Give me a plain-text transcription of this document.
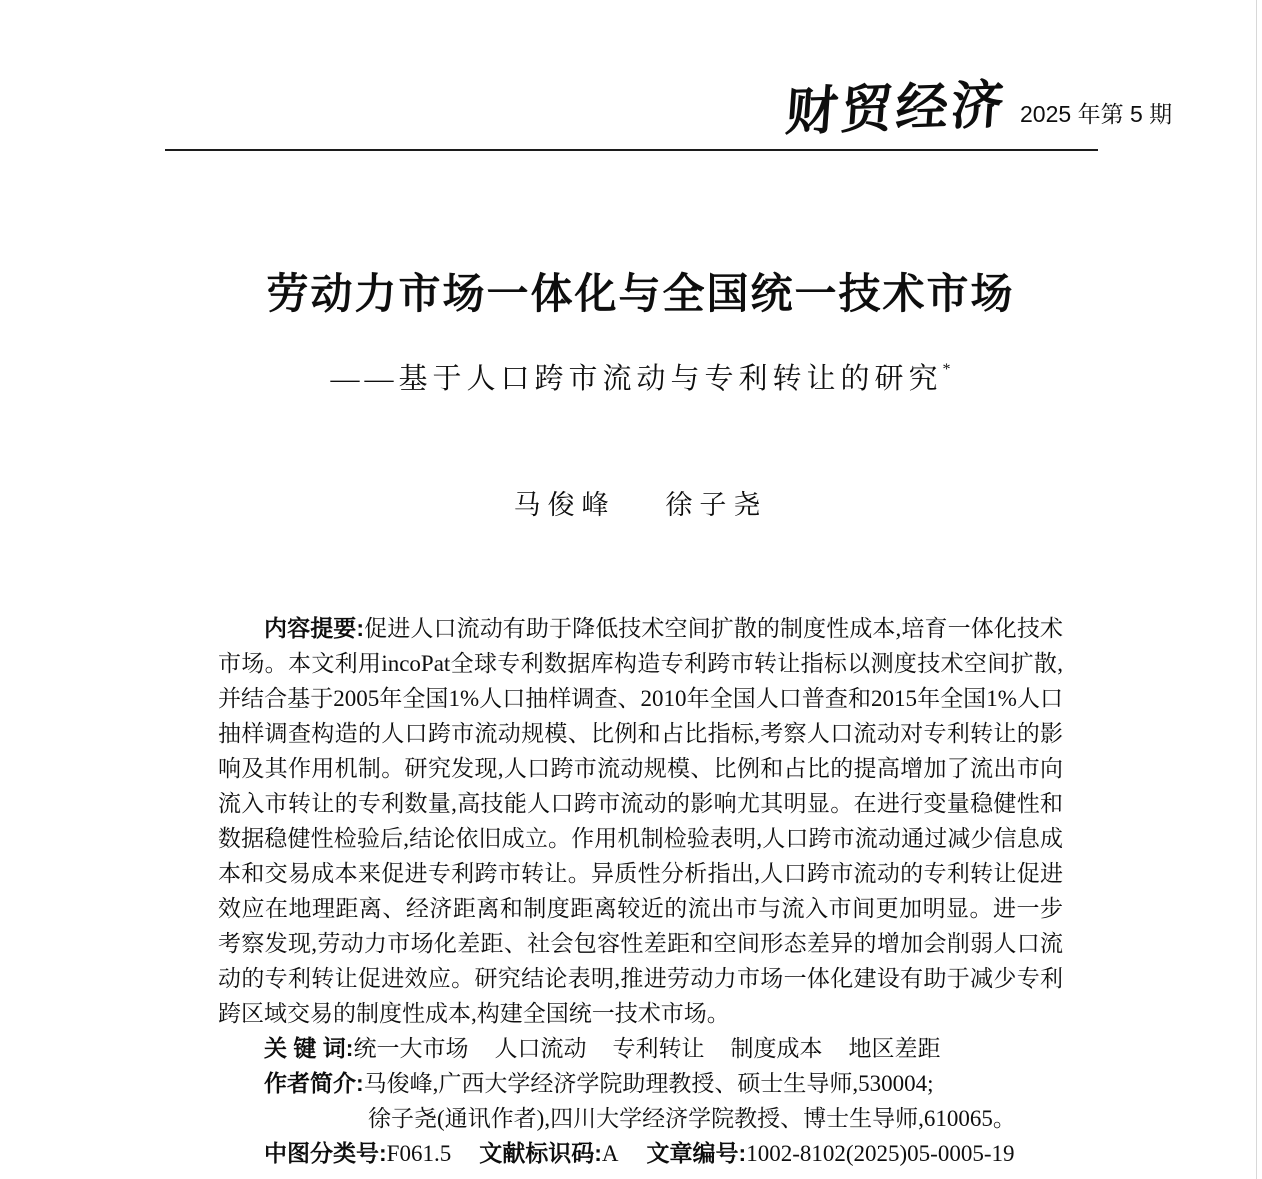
财贸经济 2025 年第 5 期
劳动力市场一体化与全国统一技术市场
——基于人口跨市流动与专利转让的研究*
马俊峰 徐子尧

内容提要:促进人口流动有助于降低技术空间扩散的制度性成本,培育一体化技术市场。本文利用incoPat全球专利数据库构造专利跨市转让指标以测度技术空间扩散,并结合基于2005年全国1%人口抽样调查、2010年全国人口普查和2015年全国1%人口抽样调查构造的人口跨市流动规模、比例和占比指标,考察人口流动对专利转让的影响及其作用机制。研究发现,人口跨市流动规模、比例和占比的提高增加了流出市向流入市转让的专利数量,高技能人口跨市流动的影响尤其明显。在进行变量稳健性和数据稳健性检验后,结论依旧成立。作用机制检验表明,人口跨市流动通过减少信息成本和交易成本来促进专利跨市转让。异质性分析指出,人口跨市流动的专利转让促进效应在地理距离、经济距离和制度距离较近的流出市与流入市间更加明显。进一步考察发现,劳动力市场化差距、社会包容性差距和空间形态差异的增加会削弱人口流动的专利转让促进效应。研究结论表明,推进劳动力市场一体化建设有助于减少专利跨区域交易的制度性成本,构建全国统一技术市场。

关 键 词:统一大市场 人口流动 专利转让 制度成本 地区差距

作者简介:马俊峰,广西大学经济学院助理教授、硕士生导师,530004;

徐子尧(通讯作者),四川大学经济学院教授、博士生导师,610065。

中图分类号:F061.5 文献标识码:A 文章编号:1002-8102(2025)05-0005-19
